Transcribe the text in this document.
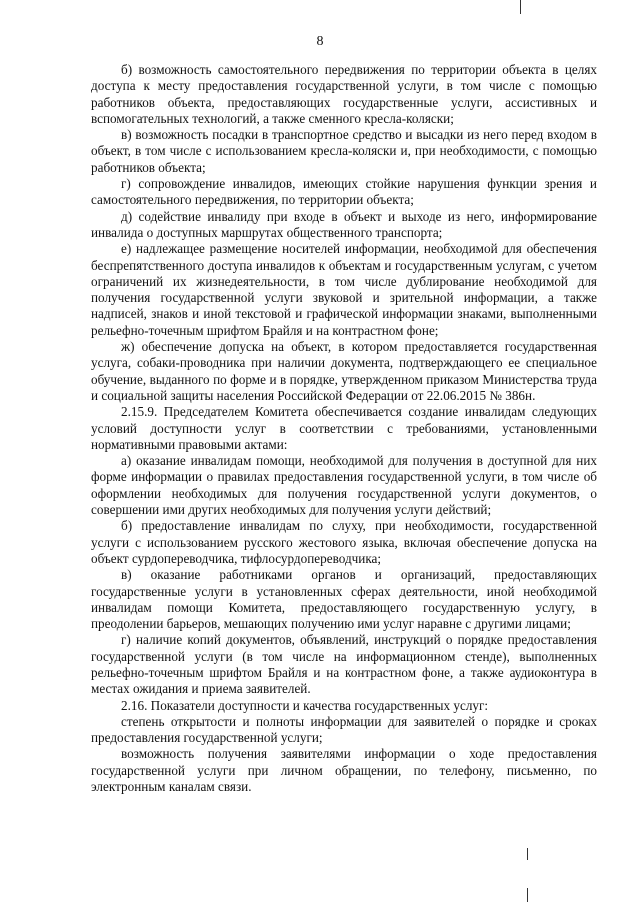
8

б) возможность самостоятельного передвижения по территории объекта в целях доступа к месту предоставления государственной услуги, в том числе с помощью работников объекта, предоставляющих государственные услуги, ассистивных и вспомогательных технологий, а также сменного кресла-коляски;

в) возможность посадки в транспортное средство и высадки из него перед входом в объект, в том числе с использованием кресла-коляски и, при необходимости, с помощью работников объекта;

г) сопровождение инвалидов, имеющих стойкие нарушения функции зрения и самостоятельного передвижения, по территории объекта;

д) содействие инвалиду при входе в объект и выходе из него, информирование инвалида о доступных маршрутах общественного транспорта;

е) надлежащее размещение носителей информации, необходимой для обеспечения беспрепятственного доступа инвалидов к объектам и государственным услугам, с учетом ограничений их жизнедеятельности, в том числе дублирование необходимой для получения государственной услуги звуковой и зрительной информации, а также надписей, знаков и иной текстовой и графической информации знаками, выполненными рельефно-точечным шрифтом Брайля и на контрастном фоне;

ж) обеспечение допуска на объект, в котором предоставляется государственная услуга, собаки-проводника при наличии документа, подтверждающего ее специальное обучение, выданного по форме и в порядке, утвержденном приказом Министерства труда и социальной защиты населения Российской Федерации от 22.06.2015 № 386н.

2.15.9. Председателем Комитета обеспечивается создание инвалидам следующих условий доступности услуг в соответствии с требованиями, установленными нормативными правовыми актами:

а) оказание инвалидам помощи, необходимой для получения в доступной для них форме информации о правилах предоставления государственной услуги, в том числе об оформлении необходимых для получения государственной услуги документов, о совершении ими других необходимых для получения услуги действий;

б) предоставление инвалидам по слуху, при необходимости, государственной услуги с использованием русского жестового языка, включая обеспечение допуска на объект сурдопереводчика, тифлосурдопереводчика;

в) оказание работниками органов и организаций, предоставляющих государственные услуги в установленных сферах деятельности, иной необходимой инвалидам помощи Комитета, предоставляющего государственную услугу, в преодолении барьеров, мешающих получению ими услуг наравне с другими лицами;

г) наличие копий документов, объявлений, инструкций о порядке предоставления государственной услуги (в том числе на информационном стенде), выполненных рельефно-точечным шрифтом Брайля и на контрастном фоне, а также аудиоконтура в местах ожидания и приема заявителей.

2.16. Показатели доступности и качества государственных услуг:

степень открытости и полноты информации для заявителей о порядке и сроках предоставления государственной услуги;

возможность получения заявителями информации о ходе предоставления государственной услуги при личном обращении, по телефону, письменно, по электронным каналам связи.
